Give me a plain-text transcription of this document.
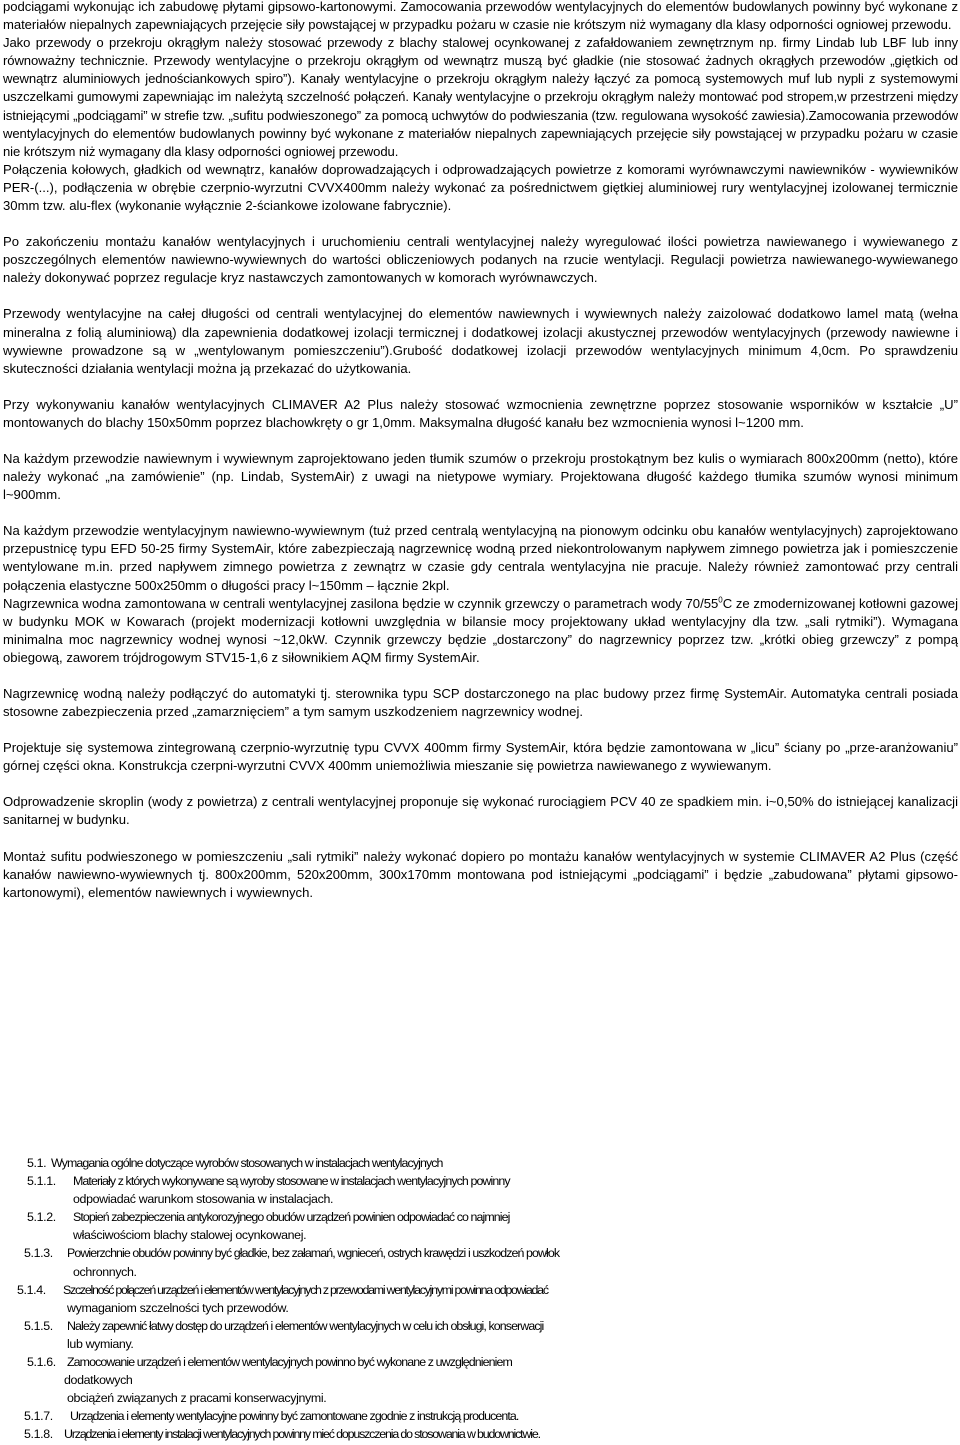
podciągami wykonując ich zabudowę płytami gipsowo-kartonowymi. Zamocowania przewodów wentylacyjnych do elementów budowlanych powinny być wykonane z materiałów niepalnych zapewniających przejęcie siły powstającej w przypadku pożaru w czasie nie krótszym niż wymagany dla klasy odporności ogniowej przewodu.

Jako przewody o przekroju okrągłym należy stosować przewody z blachy stalowej ocynkowanej z zafałdowaniem zewnętrznym np. firmy Lindab lub LBF lub inny równoważny technicznie. Przewody wentylacyjne o przekroju okrągłym od wewnątrz muszą być gładkie (nie stosować żadnych okrągłych przewodów „giętkich od wewnątrz aluminiowych jednościankowych spiro”). Kanały wentylacyjne o przekroju okrągłym należy łączyć za pomocą systemowych muf lub nypli z systemowymi uszczelkami gumowymi zapewniając im należytą szczelność połączeń. Kanały wentylacyjne o przekroju okrągłym należy montować pod stropem,w przestrzeni między istniejącymi „podciągami” w strefie tzw. „sufitu podwieszonego” za pomocą uchwytów do podwieszania (tzw. regulowana wysokość zawiesia).Zamocowania przewodów wentylacyjnych do elementów budowlanych powinny być wykonane z materiałów niepalnych zapewniających przejęcie siły powstającej w przypadku pożaru w czasie nie krótszym niż wymagany dla klasy odporności ogniowej przewodu.

Połączenia kołowych, gładkich od wewnątrz, kanałów doprowadzających i odprowadzających powietrze z komorami wyrównawczymi nawiewników - wywiewników PER-(...), podłączenia w obrębie czerpnio-wyrzutni CVVX400mm należy wykonać za pośrednictwem giętkiej aluminiowej rury wentylacyjnej izolowanej termicznie 30mm tzw. alu-flex (wykonanie wyłącznie 2-ściankowe izolowane fabrycznie).

Po zakończeniu montażu kanałów wentylacyjnych i uruchomieniu centrali wentylacyjnej należy wyregulować ilości powietrza nawiewanego i wywiewanego z poszczególnych elementów nawiewno-wywiewnych do wartości obliczeniowych podanych na rzucie wentylacji. Regulacji powietrza nawiewanego-wywiewanego należy dokonywać poprzez regulacje kryz nastawczych zamontowanych w komorach wyrównawczych.

Przewody wentylacyjne na całej długości od centrali wentylacyjnej do elementów nawiewnych i wywiewnych należy zaizolować dodatkowo lamel matą (wełna mineralna z folią aluminiową) dla zapewnienia dodatkowej izolacji termicznej i dodatkowej izolacji akustycznej przewodów wentylacyjnych (przewody nawiewne i wywiewne prowadzone są w „wentylowanym pomieszczeniu”).Grubość dodatkowej izolacji przewodów wentylacyjnych minimum 4,0cm. Po sprawdzeniu skuteczności działania wentylacji można ją przekazać do użytkowania.

Przy wykonywaniu kanałów wentylacyjnych CLIMAVER A2 Plus należy stosować wzmocnienia zewnętrzne poprzez stosowanie wsporników w kształcie „U” montowanych do blachy 150x50mm poprzez blachowkręty o gr 1,0mm. Maksymalna długość kanału bez wzmocnienia wynosi l~1200 mm.

Na każdym przewodzie nawiewnym i wywiewnym zaprojektowano jeden tłumik szumów o przekroju prostokątnym bez kulis o wymiarach 800x200mm (netto), które należy wykonać „na zamówienie” (np. Lindab, SystemAir) z uwagi na nietypowe wymiary. Projektowana długość każdego tłumika szumów wynosi minimum l~900mm.

Na każdym przewodzie wentylacyjnym nawiewno-wywiewnym (tuż przed centralą wentylacyjną na pionowym odcinku obu kanałów wentylacyjnych) zaprojektowano przepustnicę typu EFD 50-25 firmy SystemAir, które zabezpieczają nagrzewnicę wodną przed niekontrolowanym napływem zimnego powietrza jak i pomieszczenie wentylowane m.in. przed napływem zimnego powietrza z zewnątrz w czasie gdy centrala wentylacyjna nie pracuje. Należy również zamontować przy centrali połączenia elastyczne 500x250mm o długości pracy l~150mm – łącznie 2kpl.

Nagrzewnica wodna zamontowana w centrali wentylacyjnej zasilona będzie w czynnik grzewczy o parametrach wody $70/55^0C$ ze zmodernizowanej kotłowni gazowej w budynku MOK w Kowarach (projekt modernizacji kotłowni uwzględnia w bilansie mocy projektowany układ wentylacyjny dla tzw. „sali rytmiki”). Wymagana minimalna moc nagrzewnicy wodnej wynosi ~12,0kW. Czynnik grzewczy będzie „dostarczony” do nagrzewnicy poprzez tzw. „krótki obieg grzewczy” z pompą obiegową, zaworem trójdrogowym STV15-1,6 z siłownikiem AQM firmy SystemAir.

Nagrzewnicę wodną należy podłączyć do automatyki tj. sterownika typu SCP dostarczonego na plac budowy przez firmę SystemAir. Automatyka centrali posiada stosowne zabezpieczenia przed „zamarznięciem” a tym samym uszkodzeniem nagrzewnicy wodnej.

Projektuje się systemowa zintegrowaną czerpnio-wyrzutnię typu CVVX 400mm firmy SystemAir, która będzie zamontowana w „licu” ściany po „prze-aranżowaniu” górnej części okna. Konstrukcja czerpni-wyrzutni CVVX 400mm uniemożliwia mieszanie się powietrza nawiewanego z wywiewanym.

Odprowadzenie skroplin (wody z powietrza) z centrali wentylacyjnej proponuje się wykonać rurociągiem PCV 40 ze spadkiem min. i~0,50% do istniejącej kanalizacji sanitarnej w budynku.

Montaż sufitu podwieszonego w pomieszczeniu „sali rytmiki” należy wykonać dopiero po montażu kanałów wentylacyjnych w systemie CLIMAVER A2 Plus (część kanałów nawiewno-wywiewnych tj. 800x200mm, 520x200mm, 300x170mm montowana pod istniejącymi „podciągami” i będzie „zabudowana” płytami gipsowo-kartonowymi), elementów nawiewnych i wywiewnych.

5.1. Wymagania ogólne dotyczące wyrobów stosowanych w instalacjach wentylacyjnych
5.1.1. Materiały z których wykonywane są wyroby stosowane w instalacjach wentylacyjnych powinny
odpowiadać warunkom stosowania w instalacjach.
5.1.2. Stopień zabezpieczenia antykorozyjnego obudów urządzeń powinien odpowiadać co najmniej
właściwościom blachy stalowej ocynkowanej.
5.1.3. Powierzchnie obudów powinny być gładkie, bez załamań, wgnieceń, ostrych krawędzi i uszkodzeń powłok
ochronnych.
5.1.4. Szczelność połączeń urządzeń i elementów wentylacyjnych z przewodami wentylacyjnymi powinna odpowiadać
wymaganiom szczelności tych przewodów.
5.1.5. Należy zapewnić łatwy dostęp do urządzeń i elementów wentylacyjnych w celu ich obsługi, konserwacji
lub wymiany.
5.1.6. Zamocowanie urządzeń i elementów wentylacyjnych powinno być wykonane z uwzględnieniem
dodatkowych
obciążeń związanych z pracami konserwacyjnymi.
5.1.7. Urządzenia i elementy wentylacyjne powinny być zamontowane zgodnie z instrukcją producenta.
5.1.8. Urządzenia i elementy instalacji wentylacyjnych powinny mieć dopuszczenia do stosowania w budownictwie.
